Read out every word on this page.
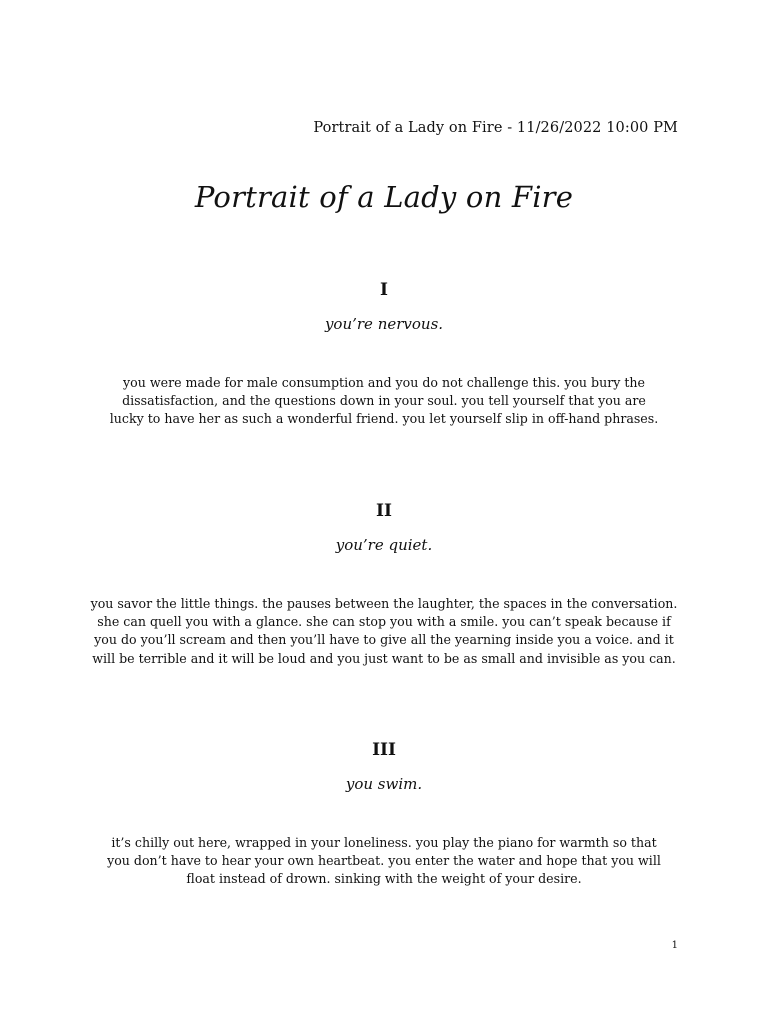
Portrait of a Lady on Fire - 11/26/2022 10:00 PM
Portrait of a Lady on Fire
I
you’re nervous.
you were made for male consumption and you do not challenge this. you bury the dissatisfaction, and the questions down in your soul. you tell yourself that you are lucky to have her as such a wonderful friend. you let yourself slip in off-hand phrases.
II
you’re quiet.
you savor the little things. the pauses between the laughter, the spaces in the conversation. she can quell you with a glance. she can stop you with a smile. you can’t speak because if you do you’ll scream and then you’ll have to give all the yearning inside you a voice. and it will be terrible and it will be loud and you just want to be as small and invisible as you can.
III
you swim.
it’s chilly out here, wrapped in your loneliness. you play the piano for warmth so that you don’t have to hear your own heartbeat. you enter the water and hope that you will float instead of drown. sinking with the weight of your desire.
1
